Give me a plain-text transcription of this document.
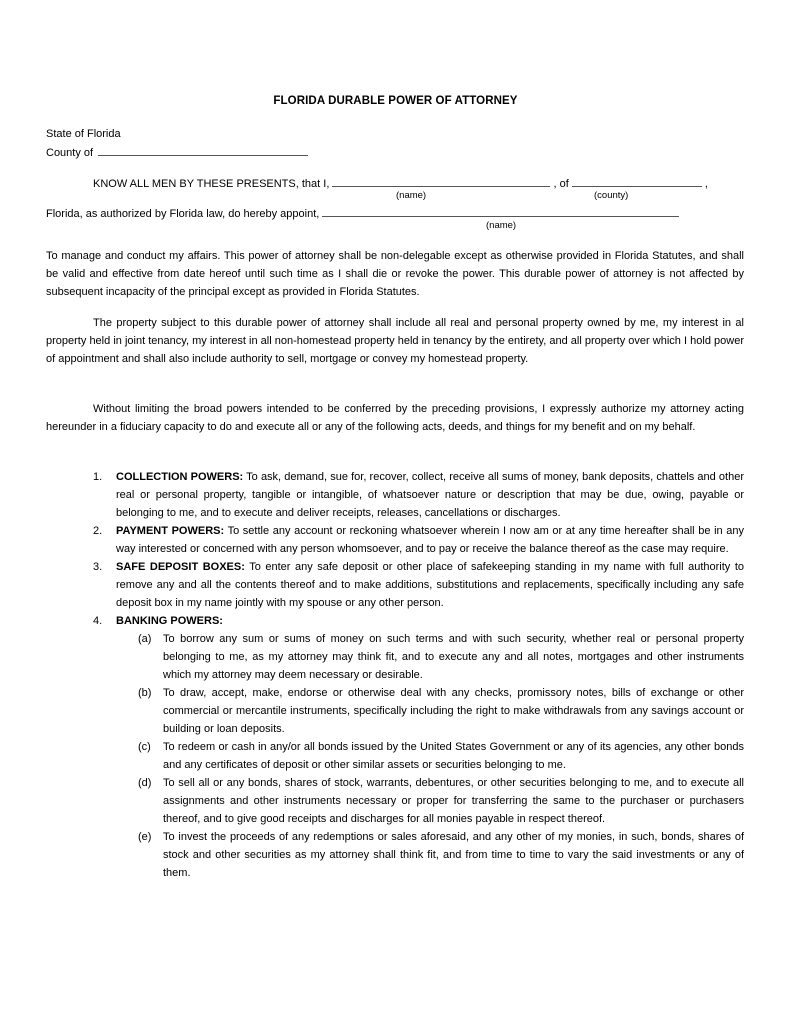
FLORIDA DURABLE POWER OF ATTORNEY
State of Florida
County of
KNOW ALL MEN BY THESE PRESENTS, that I,	, of	,
(name)	(county)
Florida, as authorized by Florida law, do hereby appoint,
(name)
To manage and conduct my affairs. This power of attorney shall be non-delegable except as otherwise provided in Florida Statutes, and shall be valid and effective from date hereof until such time as I shall die or revoke the power. This durable power of attorney is not affected by subsequent incapacity of the principal except as provided in Florida Statutes.
The property subject to this durable power of attorney shall include all real and personal property owned by me, my interest in al property held in joint tenancy, my interest in all non-homestead property held in tenancy by the entirety, and all property over which I hold power of appointment and shall also include authority to sell, mortgage or convey my homestead property.
Without limiting the broad powers intended to be conferred by the preceding provisions, I expressly authorize my attorney acting hereunder in a fiduciary capacity to do and execute all or any of the following acts, deeds, and things for my benefit and on my behalf.
1. COLLECTION POWERS: To ask, demand, sue for, recover, collect, receive all sums of money, bank deposits, chattels and other real or personal property, tangible or intangible, of whatsoever nature or description that may be due, owing, payable or belonging to me, and to execute and deliver receipts, releases, cancellations or discharges.
2. PAYMENT POWERS: To settle any account or reckoning whatsoever wherein I now am or at any time hereafter shall be in any way interested or concerned with any person whomsoever, and to pay or receive the balance thereof as the case may require.
3. SAFE DEPOSIT BOXES: To enter any safe deposit or other place of safekeeping standing in my name with full authority to remove any and all the contents thereof and to make additions, substitutions and replacements, specifically including any safe deposit box in my name jointly with my spouse or any other person.
4. BANKING POWERS:
(a) To borrow any sum or sums of money on such terms and with such security, whether real or personal property belonging to me, as my attorney may think fit, and to execute any and all notes, mortgages and other instruments which my attorney may deem necessary or desirable.
(b) To draw, accept, make, endorse or otherwise deal with any checks, promissory notes, bills of exchange or other commercial or mercantile instruments, specifically including the right to make withdrawals from any savings account or building or loan deposits.
(c) To redeem or cash in any/or all bonds issued by the United States Government or any of its agencies, any other bonds and any certificates of deposit or other similar assets or securities belonging to me.
(d) To sell all or any bonds, shares of stock, warrants, debentures, or other securities belonging to me, and to execute all assignments and other instruments necessary or proper for transferring the same to the purchaser or purchasers thereof, and to give good receipts and discharges for all monies payable in respect thereof.
(e) To invest the proceeds of any redemptions or sales aforesaid, and any other of my monies, in such, bonds, shares of stock and other securities as my attorney shall think fit, and from time to time to vary the said investments or any of them.
